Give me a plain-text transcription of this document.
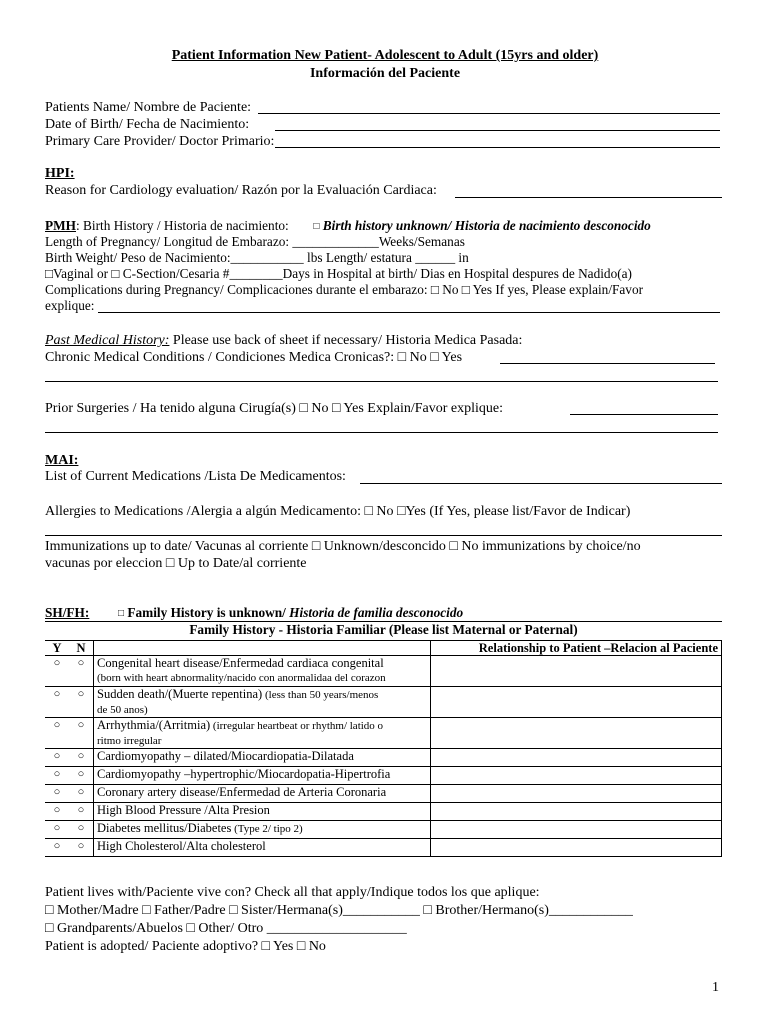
Patient Information New Patient- Adolescent to Adult (15yrs and older)
Información del Paciente
Patients Name/ Nombre de Paciente:
Date of Birth/ Fecha de Nacimiento:
Primary Care Provider/ Doctor Primario:
HPI:
Reason for Cardiology evaluation/ Razón por la Evaluación Cardiaca:
PMH: Birth History / Historia de nacimiento: □ Birth history unknown/ Historia de nacimiento desconocido
Length of Pregnancy/ Longitud de Embarazo: _____________Weeks/Semanas
Birth Weight/ Peso de Nacimiento:___________ lbs Length/ estatura ______ in
□Vaginal or □ C-Section/Cesaria #________Days in Hospital at birth/ Dias en Hospital despures de Nadido(a)
Complications during Pregnancy/ Complicaciones durante el embarazo: □ No □ Yes If yes, Please explain/Favor
explique:
Past Medical History: Please use back of sheet if necessary/ Historia Medica Pasada:
Chronic Medical Conditions / Condiciones Medica Cronicas?: □ No □ Yes
Prior Surgeries / Ha tenido alguna Cirugía(s) □ No □ Yes Explain/Favor explique:
MAI:
List of Current Medications /Lista De Medicamentos:
Allergies to Medications /Alergia a algún Medicamento: □ No □Yes (If Yes, please list/Favor de Indicar)
Immunizations up to date/ Vacunas al corriente □ Unknown/desconcido □ No immunizations by choice/no
vacunas por eleccion □ Up to Date/al corriente
SH/FH:	□ Family History is unknown/ Historia de familia desconocido
Family History - Historia Familiar (Please list Maternal or Paternal)
Y	N		Relationship to Patient –Relacion al Paciente
○	○	Congenital heart disease/Enfermedad cardiaca congenital
(born with heart abnormality/nacido con anormalidaa del corazon	
○	○	Sudden death/(Muerte repentina) (less than 50 years/menos
de 50 anos)	
○	○	Arrhythmia/(Arritmia) (irregular heartbeat or rhythm/ latido o
ritmo irregular	
○	○	Cardiomyopathy – dilated/Miocardiopatia-Dilatada	
○	○	Cardiomyopathy –hypertrophic/Miocardopatia-Hipertrofia	
○	○	Coronary artery disease/Enfermedad de Arteria Coronaria	
○	○	High Blood Pressure /Alta Presion	
○	○	Diabetes mellitus/Diabetes (Type 2/ tipo 2)	
○	○	High Cholesterol/Alta cholesterol	
Patient lives with/Paciente vive con? Check all that apply/Indique todos los que aplique:
□ Mother/Madre □ Father/Padre □ Sister/Hermana(s)___________ □ Brother/Hermano(s)____________
□ Grandparents/Abuelos □ Other/ Otro ____________________
Patient is adopted/ Paciente adoptivo? □ Yes □ No
1
